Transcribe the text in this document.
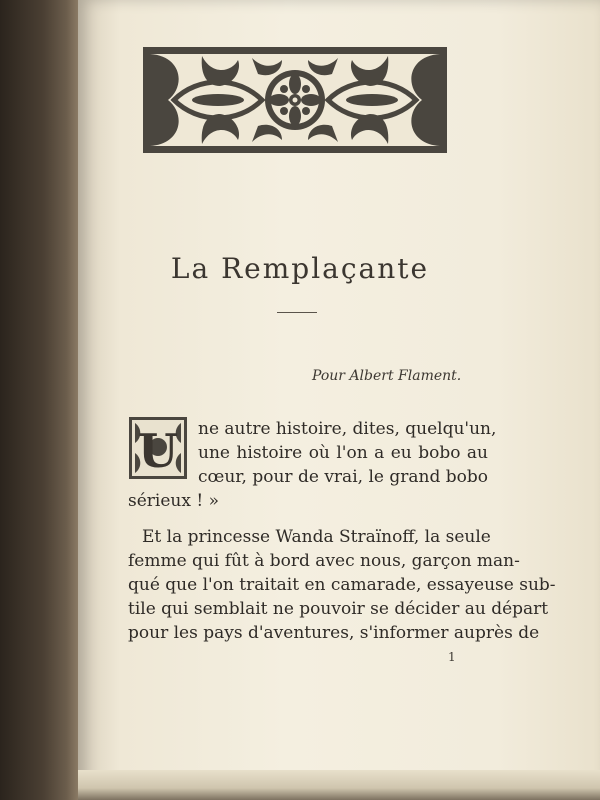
La Remplaçante
Pour Albert Flament.
U ne autre histoire, dites, quelqu'un,
une histoire où l'on a eu bobo au
cœur, pour de vrai, le grand bobo
sérieux ! »
Et la princesse Wanda Straïnoff, la seule
femme qui fût à bord avec nous, garçon man-
qué que l'on traitait en camarade, essayeuse sub-
tile qui semblait ne pouvoir se décider au départ
pour les pays d'aventures, s'informer auprès de
1
